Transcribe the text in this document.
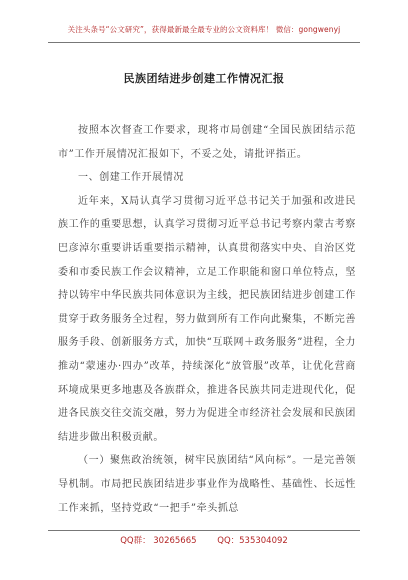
关注头条号“公文研究”，获得最新最全最专业的公文资料库！ 微信：gongwenyj
民族团结进步创建工作情况汇报

按照本次督查工作要求，现将市局创建“全国民族团结示范市”工作开展情况汇报如下，不妥之处，请批评指正。

一、创建工作开展情况

近年来，X局认真学习贯彻习近平总书记关于加强和改进民族工作的重要思想，认真学习贯彻习近平总书记考察内蒙古考察巴彦淖尔重要讲话重要指示精神，认真贯彻落实中央、自治区党委和市委民族工作会议精神，立足工作职能和窗口单位特点，坚持以铸牢中华民族共同体意识为主线，把民族团结进步创建工作贯穿于政务服务全过程，努力做到所有工作向此聚集，不断完善服务手段、创新服务方式，加快“互联网＋政务服务”进程，全力推动“蒙速办·四办”改革，持续深化“放管服”改革，让优化营商环境成果更多地惠及各族群众，推进各民族共同走进现代化，促进各民族交往交流交融，努力为促进全市经济社会发展和民族团结进步做出积极贡献。

（一）聚焦政治统领，树牢民族团结“风向标”。一是完善领导机制。市局把民族团结进步事业作为战略性、基础性、长远性工作来抓，坚持党政“一把手”牵头抓总

QQ群： 30265665 QQ：535304092
